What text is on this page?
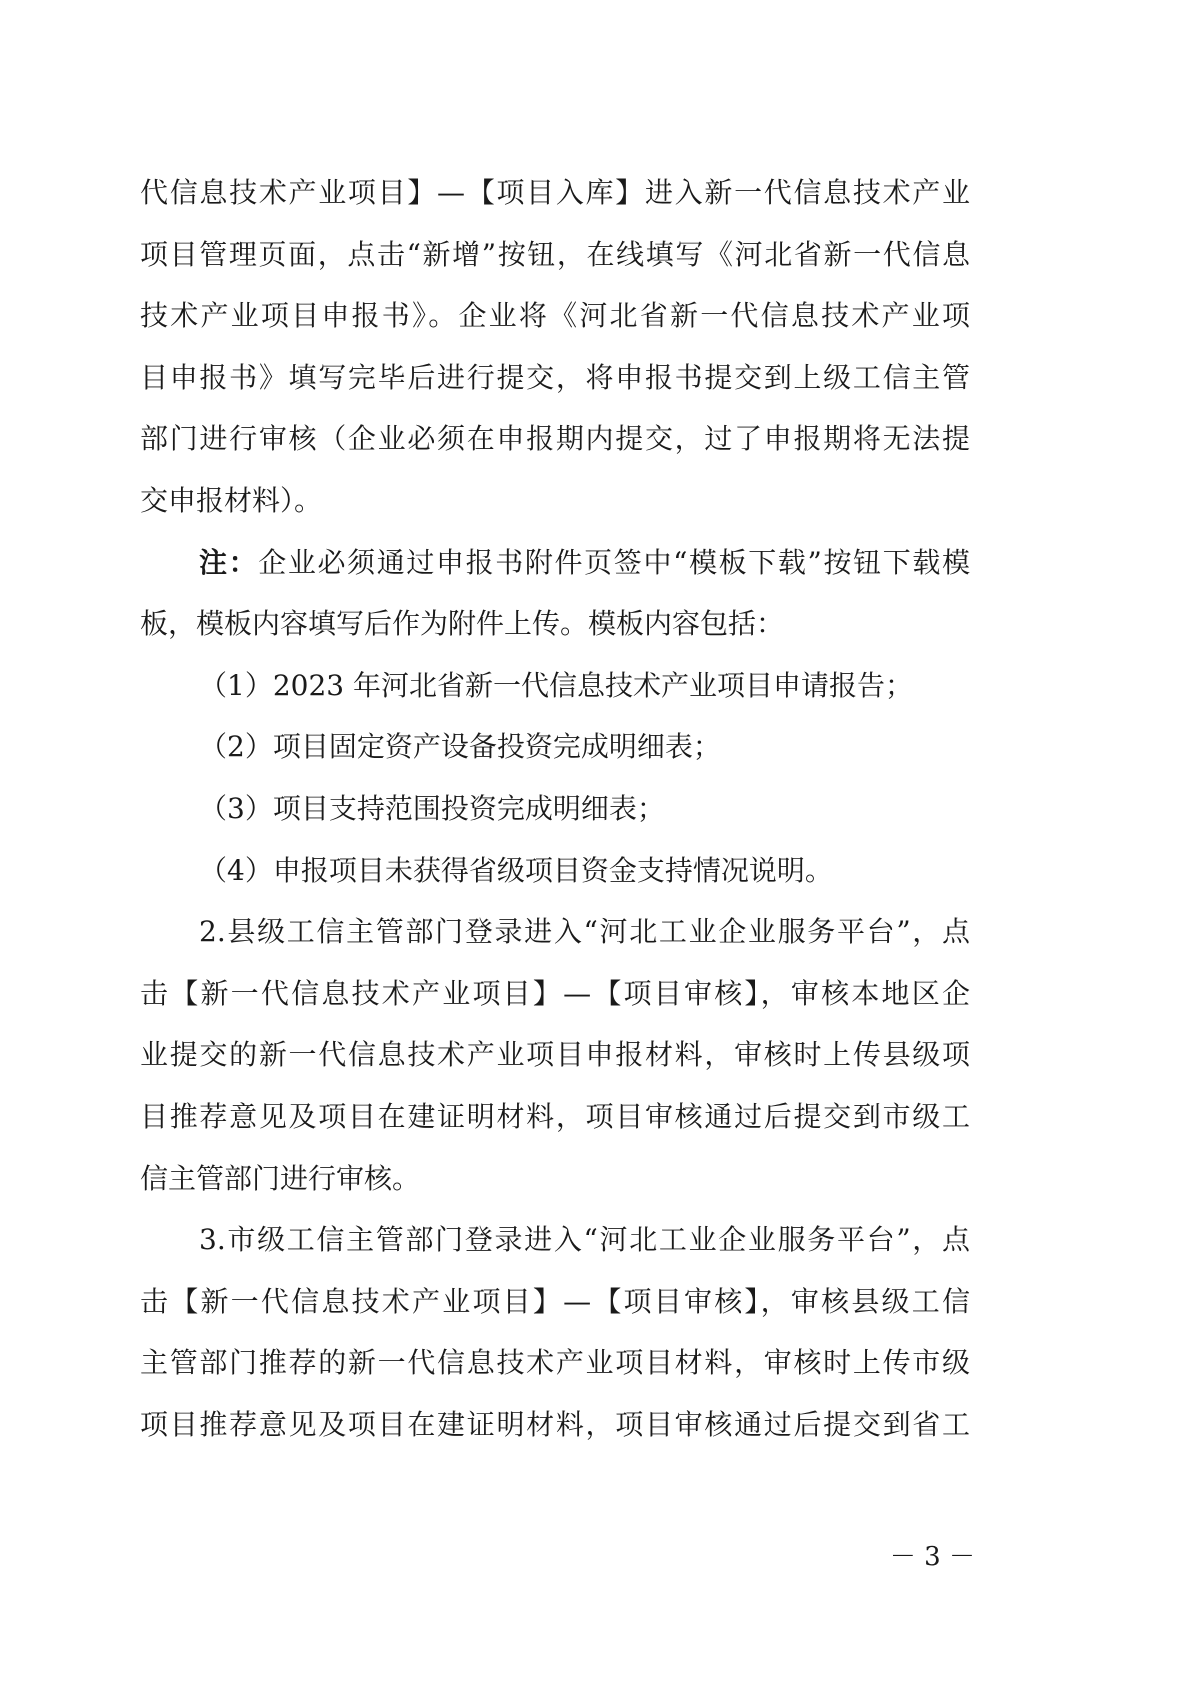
代信息技术产业项目】—【项目入库】进入新一代信息技术产业
项目管理页面，点击“新增”按钮，在线填写《河北省新一代信息
技术产业项目申报书》。企业将《河北省新一代信息技术产业项
目申报书》填写完毕后进行提交，将申报书提交到上级工信主管
部门进行审核（企业必须在申报期内提交，过了申报期将无法提
交申报材料）。
注：企业必须通过申报书附件页签中“模板下载”按钮下载模
板，模板内容填写后作为附件上传。模板内容包括：
（1）2023 年河北省新一代信息技术产业项目申请报告；
（2）项目固定资产设备投资完成明细表；
（3）项目支持范围投资完成明细表；
（4）申报项目未获得省级项目资金支持情况说明。
2.县级工信主管部门登录进入“河北工业企业服务平台”，点
击【新一代信息技术产业项目】—【项目审核】，审核本地区企
业提交的新一代信息技术产业项目申报材料，审核时上传县级项
目推荐意见及项目在建证明材料，项目审核通过后提交到市级工
信主管部门进行审核。
3.市级工信主管部门登录进入“河北工业企业服务平台”，点
击【新一代信息技术产业项目】—【项目审核】，审核县级工信
主管部门推荐的新一代信息技术产业项目材料，审核时上传市级
项目推荐意见及项目在建证明材料，项目审核通过后提交到省工
－ 3 －
